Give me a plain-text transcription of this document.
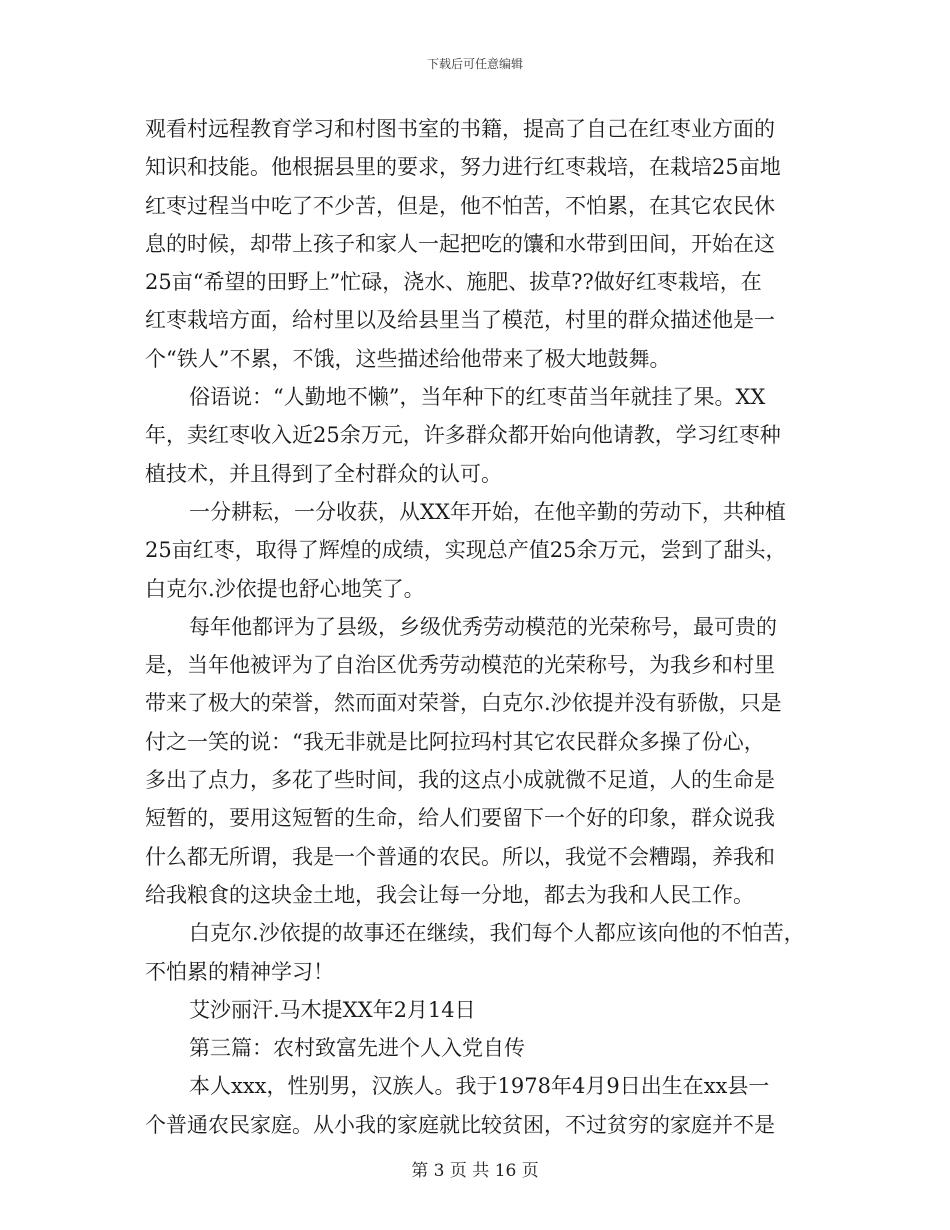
下载后可任意编辑
观看村远程教育学习和村图书室的书籍，提高了自己在红枣业方面的
知识和技能。他根据县里的要求，努力进行红枣栽培，在栽培25亩地
红枣过程当中吃了不少苦，但是，他不怕苦，不怕累，在其它农民休
息的时候，却带上孩子和家人一起把吃的馕和水带到田间，开始在这
25亩“希望的田野上”忙碌，浇水、施肥、拔草??做好红枣栽培，在
红枣栽培方面，给村里以及给县里当了模范，村里的群众描述他是一
个“铁人”不累，不饿，这些描述给他带来了极大地鼓舞。
俗语说：“人勤地不懒”，当年种下的红枣苗当年就挂了果。XX
年，卖红枣收入近25余万元，许多群众都开始向他请教，学习红枣种
植技术，并且得到了全村群众的认可。
一分耕耘，一分收获，从XX年开始，在他辛勤的劳动下，共种植
25亩红枣，取得了辉煌的成绩，实现总产值25余万元，尝到了甜头，
白克尔.沙依提也舒心地笑了。
每年他都评为了县级，乡级优秀劳动模范的光荣称号，最可贵的
是，当年他被评为了自治区优秀劳动模范的光荣称号，为我乡和村里
带来了极大的荣誉，然而面对荣誉，白克尔.沙依提并没有骄傲，只是
付之一笑的说：“我无非就是比阿拉玛村其它农民群众多操了份心，
多出了点力，多花了些时间，我的这点小成就微不足道，人的生命是
短暂的，要用这短暂的生命，给人们要留下一个好的印象，群众说我
什么都无所谓，我是一个普通的农民。所以，我觉不会糟蹋，养我和
给我粮食的这块金土地，我会让每一分地，都去为我和人民工作。
白克尔.沙依提的故事还在继续，我们每个人都应该向他的不怕苦，
不怕累的精神学习！
艾沙丽汗.马木提XX年2月14日
第三篇：农村致富先进个人入党自传
本人xxx，性别男，汉族人。我于1978年4月9日出生在xx县一
个普通农民家庭。从小我的家庭就比较贫困，不过贫穷的家庭并不是
第 3 页 共 16 页
